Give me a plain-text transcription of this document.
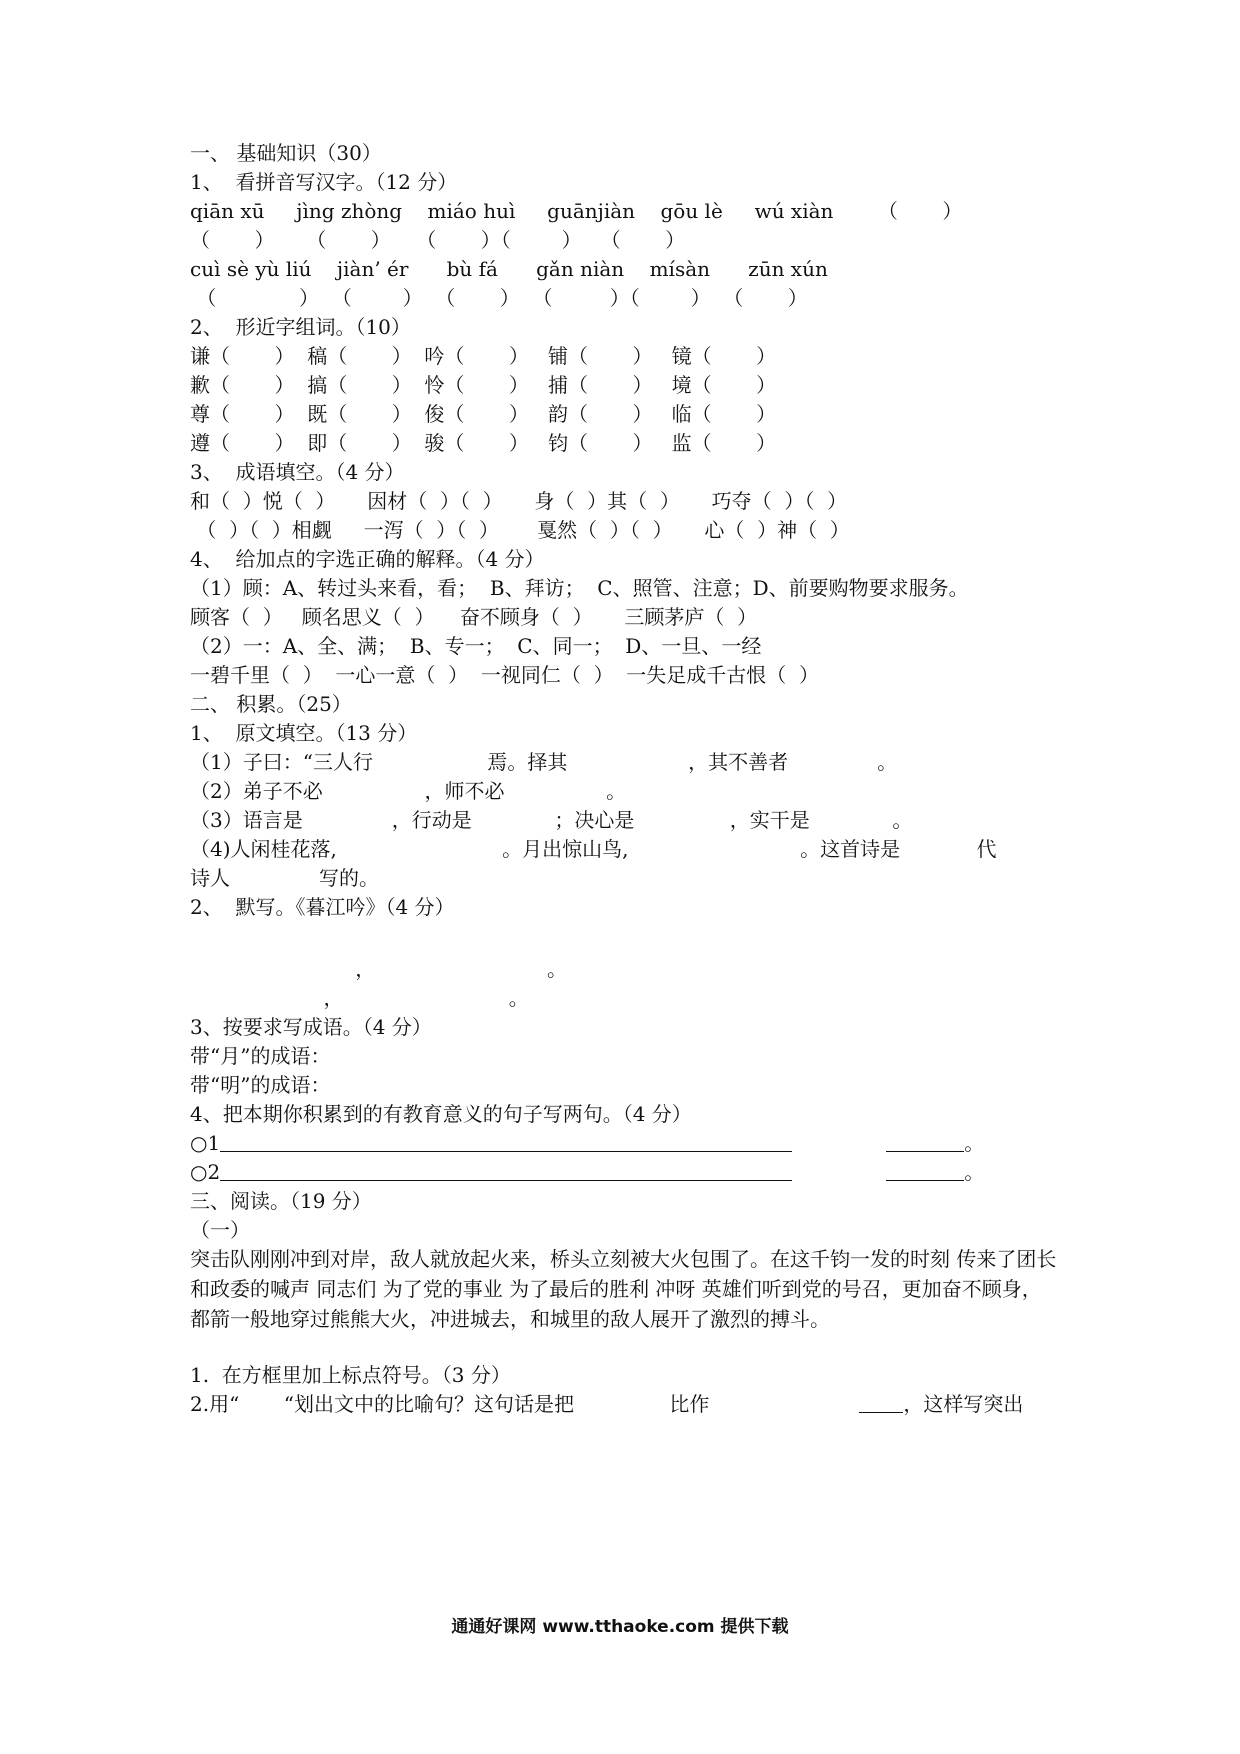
一、 基础知识（30）
1、  看拼音写汉字。（12 分）
qiān xū     jìng zhòng    miáo huì     guānjiàn    gōu lè     wú xiàn       （       ）
（       ）     （       ）    （       ）（        ）   （       ）
cuì sè yù liú    jiàn’ ér      bù fá      gǎn niàn    mísàn      zūn xún
（             ）  （        ）  （       ）  （         ）（        ）  （       ）
2、  形近字组词。（10）
谦（       ）  稿（       ）  吟（       ）   铺（       ）   镜（       ）
歉（       ）  搞（       ）  怜（       ）   捕（       ）   境（       ）
尊（       ）  既（       ）  俊（       ）   韵（       ）   临（       ）
遵（       ）  即（       ）  骏（       ）   钧（       ）   监（       ）
3、  成语填空。（4 分）
和（  ）悦（  ）     因材（  ）（  ）     身（  ）其（  ）     巧夺（  ）（  ）
（  ）（  ）相觑     一泻（  ）（  ）      戛然（  ）（  ）     心（  ）神（  ）
4、  给加点的字选正确的解释。（4 分）
（1）顾：A、转过头来看，看；  B、拜访；  C、照管、注意；D、前要购物要求服务。
顾客（  ）   顾名思义（  ）    奋不顾身（  ）     三顾茅庐（  ）
（2）一：A、全、满；  B、专一；  C、同一；  D、一旦、一经
一碧千里（  ）  一心一意（  ）  一视同仁（  ）  一失足成千古恨（  ）
二、 积累。（25）
1、  原文填空。（13 分）
（1）子曰：“三人行                  焉。择其                   ，其不善者              。
（2）弟子不必                ，师不必                。
（3）语言是              ，行动是             ；决心是               ，实干是             。
（4)人闲桂花落,                          。月出惊山鸟,                           。这首诗是            代
诗人              写的。
2、  默写。《暮江吟》（4 分）
，                           。
，                          。
3、按要求写成语。（4 分）
带“月”的成语：
带“明”的成语：
4、把本期你积累到的有教育意义的句子写两句。（4 分）
○1	。
○2	。
三、阅读。（19 分）
（一）
突击队刚刚冲到对岸，敌人就放起火来，桥头立刻被大火包围了。在这千钧一发的时刻 传来了团长和政委的喊声 同志们 为了党的事业 为了最后的胜利 冲呀 英雄们听到党的号召，更加奋不顾身，都箭一般地穿过熊熊大火，冲进城去，和城里的敌人展开了激烈的搏斗。
1.  在方框里加上标点符号。（3 分）
2.用“       “划出文中的比喻句？这句话是把               比作	，这样写突出
通通好课网 www.tthaoke.com 提供下载
